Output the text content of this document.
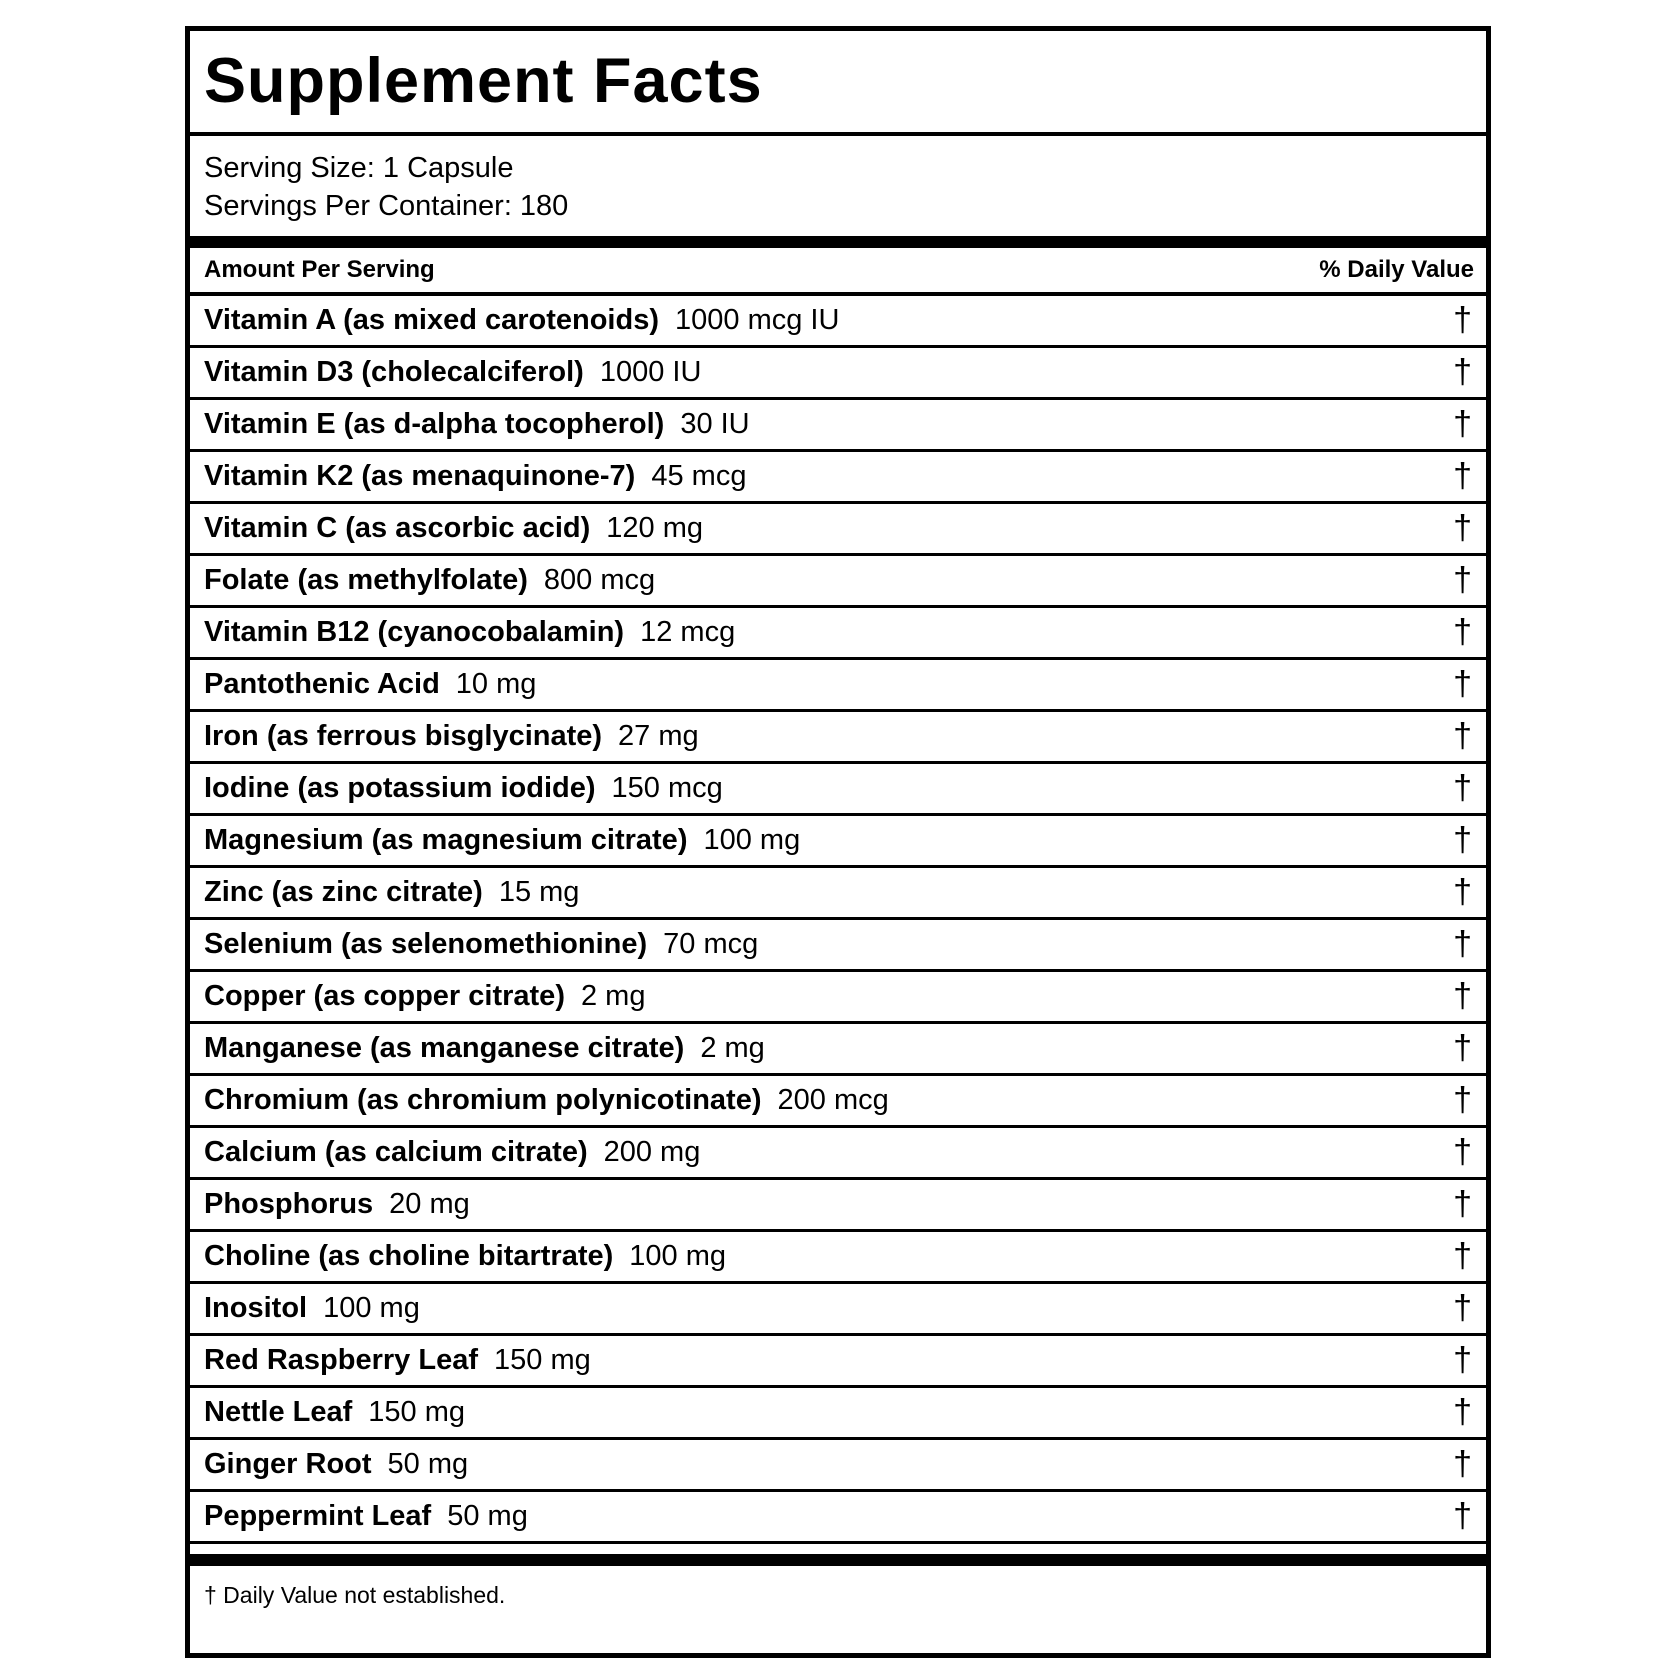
Supplement Facts
Serving Size: 1 Capsule
Servings Per Container: 180
Amount Per Serving	% Daily Value
Vitamin A (as mixed carotenoids) 1000 mcg IU	†
Vitamin D3 (cholecalciferol) 1000 IU	†
Vitamin E (as d-alpha tocopherol) 30 IU	†
Vitamin K2 (as menaquinone-7) 45 mcg	†
Vitamin C (as ascorbic acid) 120 mg	†
Folate (as methylfolate) 800 mcg	†
Vitamin B12 (cyanocobalamin) 12 mcg	†
Pantothenic Acid 10 mg	†
Iron (as ferrous bisglycinate) 27 mg	†
Iodine (as potassium iodide) 150 mcg	†
Magnesium (as magnesium citrate) 100 mg	†
Zinc (as zinc citrate) 15 mg	†
Selenium (as selenomethionine) 70 mcg	†
Copper (as copper citrate) 2 mg	†
Manganese (as manganese citrate) 2 mg	†
Chromium (as chromium polynicotinate) 200 mcg	†
Calcium (as calcium citrate) 200 mg	†
Phosphorus 20 mg	†
Choline (as choline bitartrate) 100 mg	†
Inositol 100 mg	†
Red Raspberry Leaf 150 mg	†
Nettle Leaf 150 mg	†
Ginger Root 50 mg	†
Peppermint Leaf 50 mg	†
† Daily Value not established.
